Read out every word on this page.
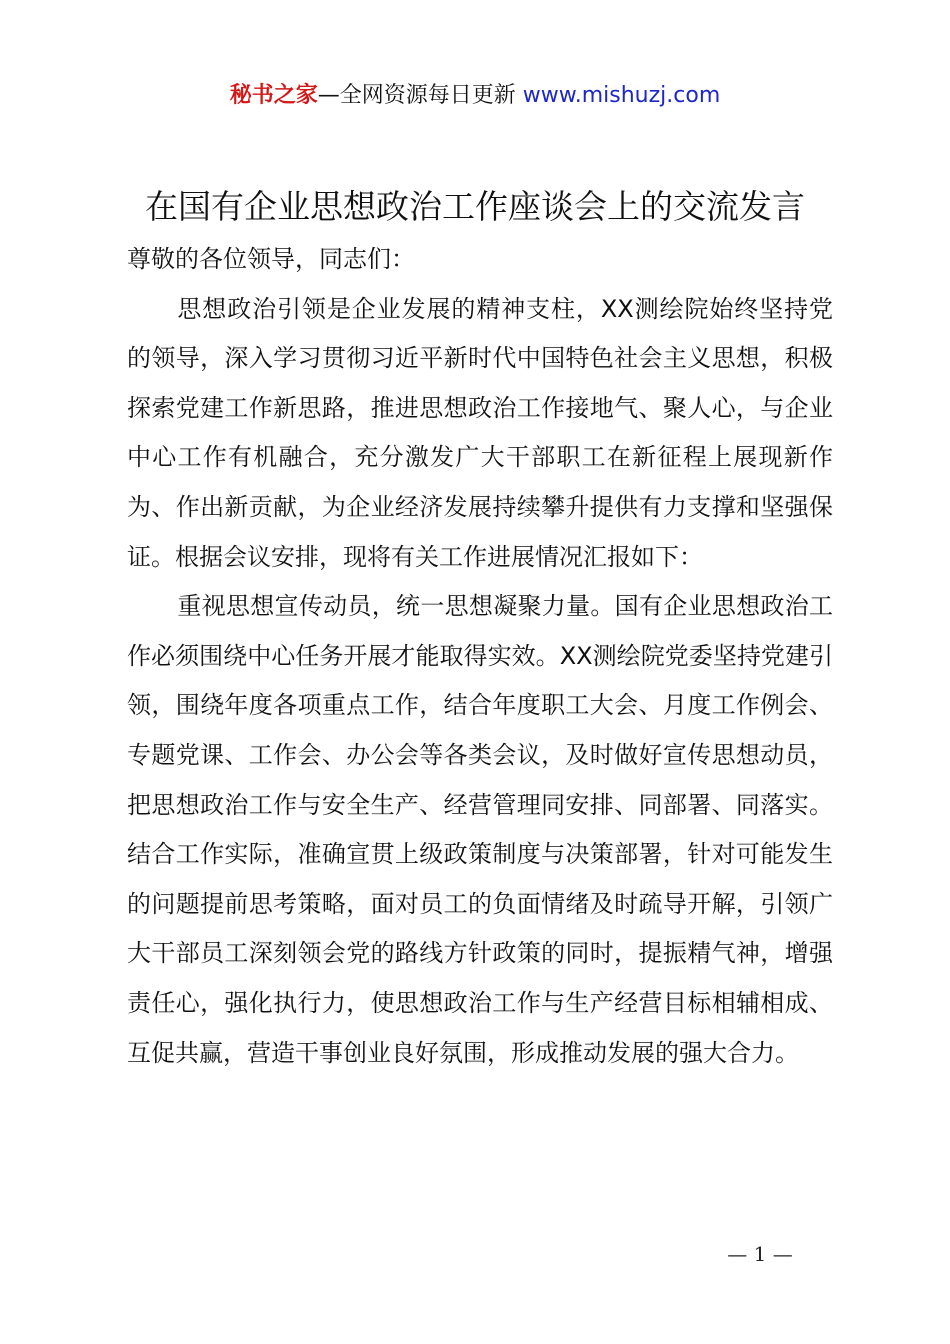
秘书之家—全网资源每日更新 www.mishuzj.com
在国有企业思想政治工作座谈会上的交流发言

尊敬的各位领导，同志们：

思想政治引领是企业发展的精神支柱，XX测绘院始终坚持党的领导，深入学习贯彻习近平新时代中国特色社会主义思想，积极探索党建工作新思路，推进思想政治工作接地气、聚人心，与企业中心工作有机融合，充分激发广大干部职工在新征程上展现新作为、作出新贡献，为企业经济发展持续攀升提供有力支撑和坚强保证。根据会议安排，现将有关工作进展情况汇报如下：

重视思想宣传动员，统一思想凝聚力量。国有企业思想政治工作必须围绕中心任务开展才能取得实效。XX测绘院党委坚持党建引领，围绕年度各项重点工作，结合年度职工大会、月度工作例会、专题党课、工作会、办公会等各类会议，及时做好宣传思想动员，把思想政治工作与安全生产、经营管理同安排、同部署、同落实。结合工作实际，准确宣贯上级政策制度与决策部署，针对可能发生的问题提前思考策略，面对员工的负面情绪及时疏导开解，引领广大干部员工深刻领会党的路线方针政策的同时，提振精气神，增强责任心，强化执行力，使思想政治工作与生产经营目标相辅相成、互促共赢，营造干事创业良好氛围，形成推动发展的强大合力。

— 1 —
